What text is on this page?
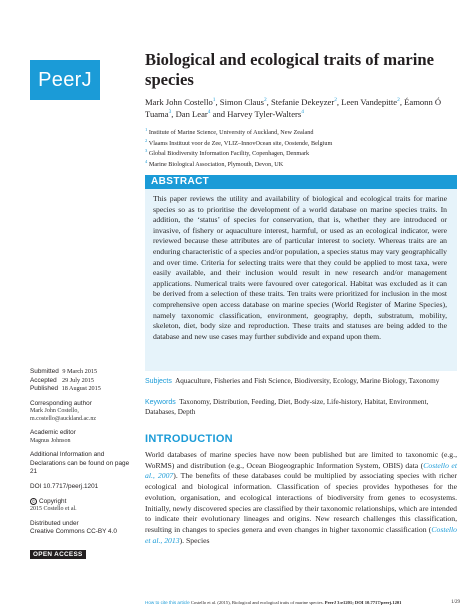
PeerJ
Submitted 9 March 2015
Accepted 29 July 2015
Published 18 August 2015
Corresponding author
Mark John Costello,
m.costello@auckland.ac.nz
Academic editor
Magnus Johnson
Additional Information and Declarations can be found on page 21
DOI 10.7717/peerj.1201
© Copyright
2015 Costello et al.
Distributed under
Creative Commons CC-BY 4.0
OPEN ACCESS
Biological and ecological traits of marine species
Mark John Costello$^1$, Simon Claus$^2$, Stefanie Dekeyzer$^2$, Leen Vandepitte$^2$, Éamonn Ó Tuama$^3$, Dan Lear$^4$ and Harvey Tyler-Walters$^4$
$^1$ Institute of Marine Science, University of Auckland, New Zealand
$^2$ Vlaams Instituut voor de Zee, VLIZ–InnovOcean site, Oostende, Belgium
$^3$ Global Biodiversity Information Facility, Copenhagen, Denmark
$^4$ Marine Biological Association, Plymouth, Devon, UK
ABSTRACT
This paper reviews the utility and availability of biological and ecological traits for marine species so as to prioritise the development of a world database on marine species traits. In addition, the ‘status’ of species for conservation, that is, whether they are introduced or invasive, of fishery or aquaculture interest, harmful, or used as an ecological indicator, were reviewed because these attributes are of particular interest to society. Whereas traits are an enduring characteristic of a species and/or population, a species status may vary geographically and over time. Criteria for selecting traits were that they could be applied to most taxa, were easily available, and their inclusion would result in new research and/or management applications. Numerical traits were favoured over categorical. Habitat was excluded as it can be derived from a selection of these traits. Ten traits were prioritized for inclusion in the most comprehensive open access database on marine species (World Register of Marine Species), namely taxonomic classification, environment, geography, depth, substratum, mobility, skeleton, diet, body size and reproduction. These traits and statuses are being added to the database and new use cases may further subdivide and expand upon them.
Subjects Aquaculture, Fisheries and Fish Science, Biodiversity, Ecology, Marine Biology, Taxonomy
Keywords Taxonomy, Distribution, Feeding, Diet, Body-size, Life-history, Habitat, Environment, Databases, Depth
INTRODUCTION
World databases of marine species have now been published but are limited to taxonomic (e.g., WoRMS) and distribution (e.g., Ocean Biogeographic Information System, OBIS) data (Costello et al., 2007). The benefits of these databases could be multiplied by associating species with richer ecological and biological information. Classification of species provides hypotheses for the evolution, organisation, and ecological interactions of biodiversity from genes to ecosystems. Initially, newly discovered species are classified by their taxonomic relationships, which are intended to indicate their evolutionary lineages and origins. New research challenges this classification, resulting in changes to species genera and even changes in higher taxonomic classification (Costello et al., 2013). Species
How to cite this article Costello et al. (2015), Biological and ecological traits of marine species. PeerJ 3:e1201; DOI 10.7717/peerj.1201	1/29
